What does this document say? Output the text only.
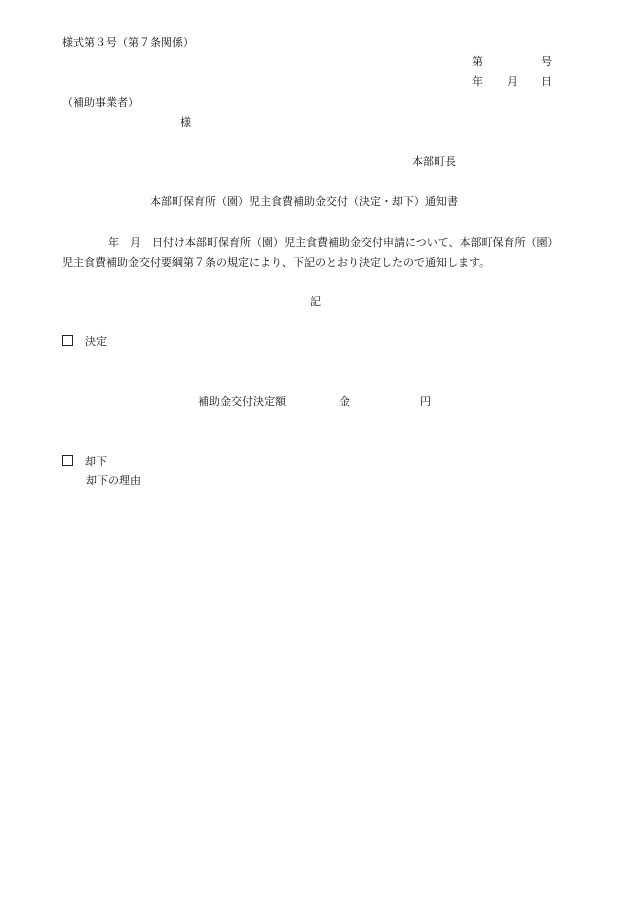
様式第３号（第７条関係）
第	号
年 月 日
（補助事業者）
様
本部町長
本部町保育所（園）児主食費補助金交付（決定・却下）通知書
年　月　日付け本部町保育所（園）児主食費補助金交付申請について、本部町保育所（園）
児主食費補助金交付要綱第７条の規定により、下記のとおり決定したので通知します。
記
決定
補助金交付決定額	金	円
却下
却下の理由
